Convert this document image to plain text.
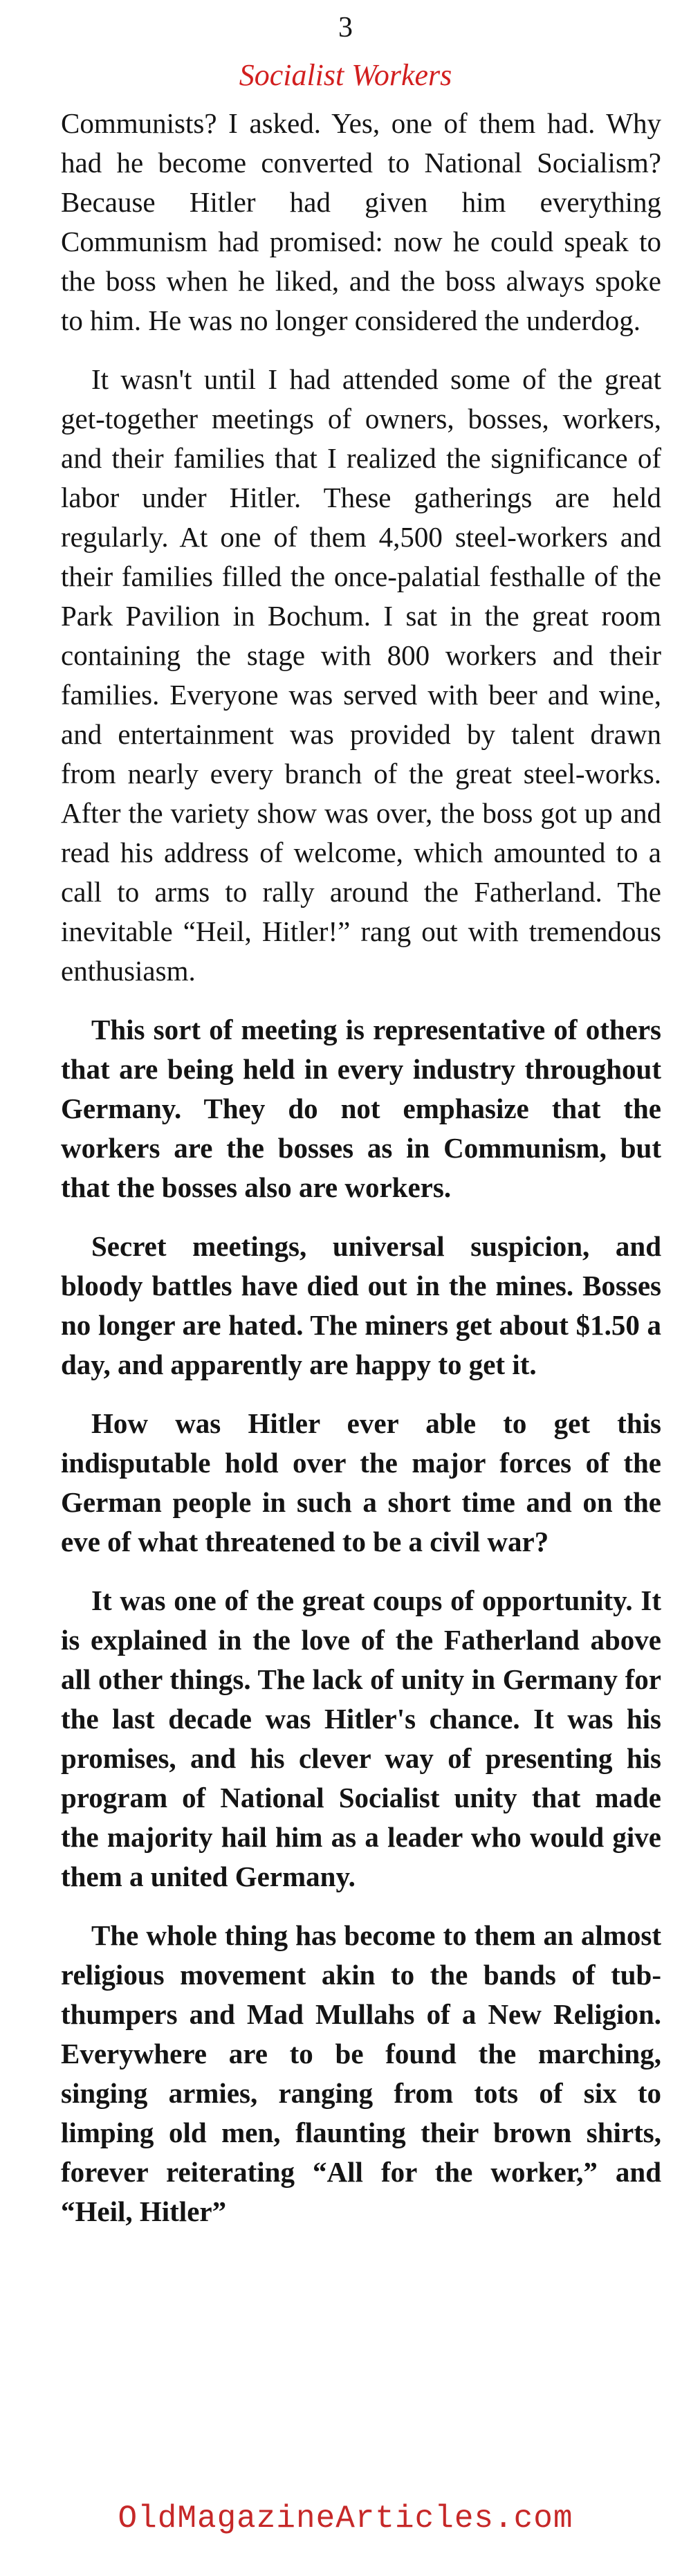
3
Socialist Workers

Communists? I asked. Yes, one of them had. Why had he become converted to National Socialism? Because Hitler had given him everything Communism had promised: now he could speak to the boss when he liked, and the boss always spoke to him. He was no longer considered the underdog.

It wasn't until I had attended some of the great get-together meetings of owners, bosses, workers, and their families that I realized the significance of labor under Hitler. These gatherings are held regularly. At one of them 4,500 steel-workers and their families filled the once-palatial festhalle of the Park Pavilion in Bochum. I sat in the great room containing the stage with 800 workers and their families. Everyone was served with beer and wine, and entertainment was provided by talent drawn from nearly every branch of the great steel-works. After the variety show was over, the boss got up and read his address of welcome, which amounted to a call to arms to rally around the Fatherland. The inevitable “Heil, Hitler!” rang out with tremendous enthusiasm.

This sort of meeting is representative of others that are being held in every industry throughout Germany. They do not emphasize that the workers are the bosses as in Communism, but that the bosses also are workers.

Secret meetings, universal suspicion, and bloody battles have died out in the mines. Bosses no longer are hated. The miners get about $1.50 a day, and apparently are happy to get it.

How was Hitler ever able to get this indisputable hold over the major forces of the German people in such a short time and on the eve of what threatened to be a civil war?

It was one of the great coups of opportunity. It is explained in the love of the Fatherland above all other things. The lack of unity in Germany for the last decade was Hitler's chance. It was his promises, and his clever way of presenting his program of National Socialist unity that made the majority hail him as a leader who would give them a united Germany.

The whole thing has become to them an almost religious movement akin to the bands of tub-thumpers and Mad Mullahs of a New Religion. Everywhere are to be found the marching, singing armies, ranging from tots of six to limping old men, flaunting their brown shirts, forever reiterating “All for the worker,” and “Heil, Hitler”

OldMagazineArticles.com
